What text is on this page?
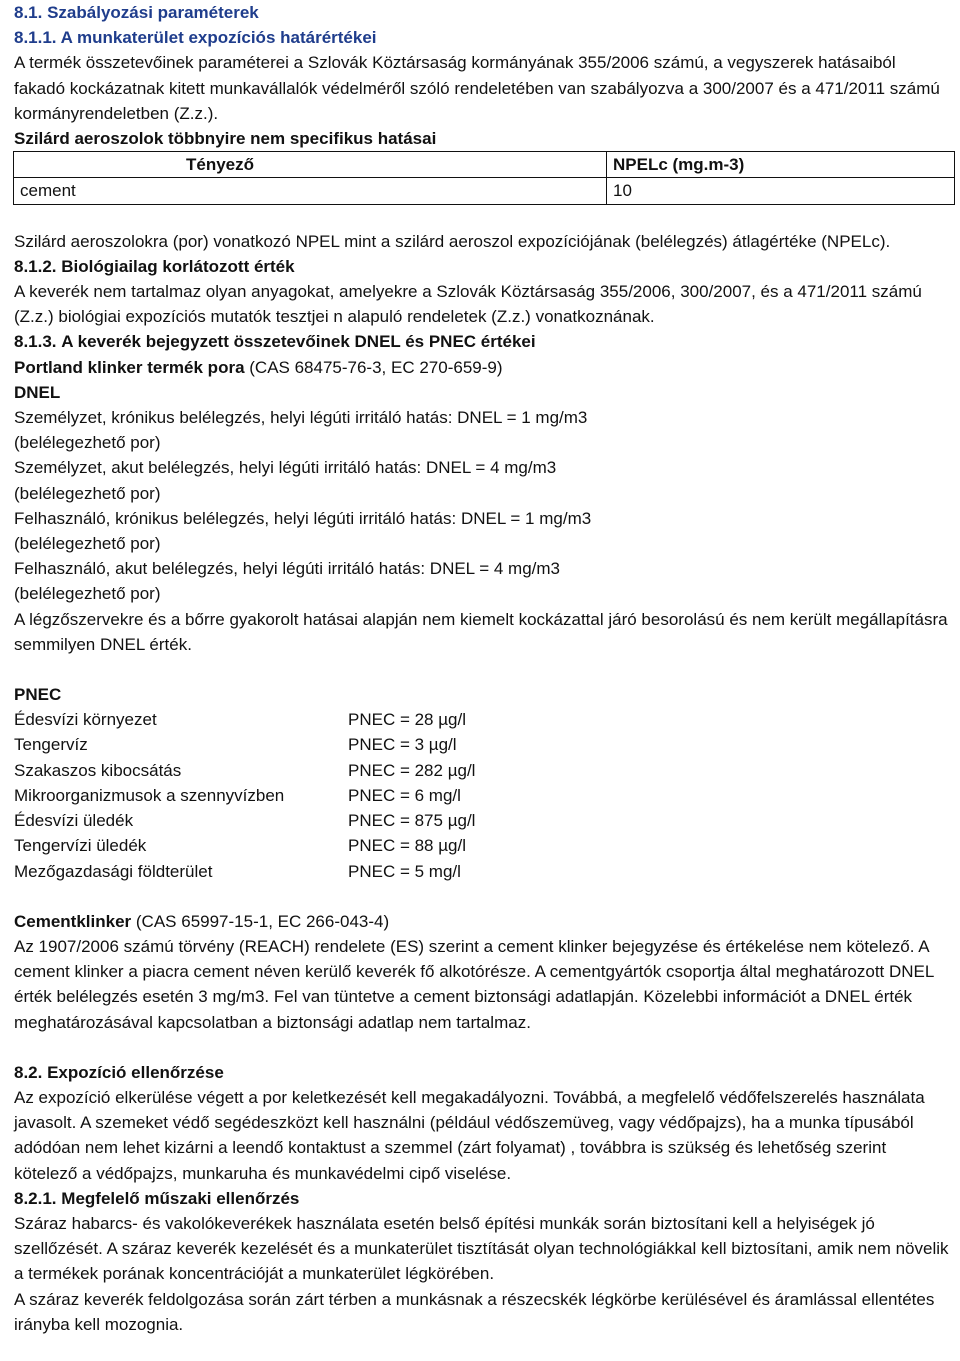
8.1. Szabályozási paraméterek
8.1.1. A munkaterület expozíciós határértékei
A termék összetevőinek paraméterei a Szlovák Köztársaság kormányának 355/2006 számú, a vegyszerek hatásaiból fakadó kockázatnak kitett munkavállalók védelméről szóló rendeletében van szabályozva a 300/2007 és a 471/2011 számú kormányrendeletben (Z.z.).
Szilárd aeroszolok többnyire nem specifikus hatásai
Tényező	NPELc (mg.m-3)
cement	10
Szilárd aeroszolokra (por) vonatkozó NPEL mint a szilárd aeroszol expozíciójának (belélegzés) átlagértéke (NPELc).
8.1.2. Biológiailag korlátozott érték
A keverék nem tartalmaz olyan anyagokat, amelyekre a Szlovák Köztársaság 355/2006, 300/2007, és a 471/2011 számú (Z.z.) biológiai expozíciós mutatók tesztjei n alapuló rendeletek (Z.z.) vonatkoznának.
8.1.3. A keverék bejegyzett összetevőinek DNEL és PNEC értékei
Portland klinker termék pora (CAS 68475-76-3, EC 270-659-9)
DNEL
Személyzet, krónikus belélegzés, helyi légúti irritáló hatás: DNEL = 1 mg/m3
(belélegezhető por)
Személyzet, akut belélegzés, helyi légúti irritáló hatás: DNEL = 4 mg/m3
(belélegezhető por)
Felhasználó, krónikus belélegzés, helyi légúti irritáló hatás: DNEL = 1 mg/m3
(belélegezhető por)
Felhasználó, akut belélegzés, helyi légúti irritáló hatás: DNEL = 4 mg/m3
(belélegezhető por)
A légzőszervekre és a bőrre gyakorolt hatásai alapján nem kiemelt kockázattal járó besorolású és nem került megállapításra semmilyen DNEL érték.
PNEC
Édesvízi környezet	PNEC = 28 µg/l
Tengervíz	PNEC = 3 µg/l
Szakaszos kibocsátás	PNEC = 282 µg/l
Mikroorganizmusok a szennyvízben	PNEC = 6 mg/l
Édesvízi üledék	PNEC = 875 µg/l
Tengervízi üledék	PNEC = 88 µg/l
Mezőgazdasági földterület	PNEC = 5 mg/l
Cementklinker (CAS 65997-15-1, EC 266-043-4)
Az 1907/2006 számú törvény (REACH) rendelete (ES) szerint a cement klinker bejegyzése és értékelése nem kötelező. A cement klinker a piacra cement néven kerülő keverék fő alkotórésze. A cementgyártók csoportja által meghatározott DNEL érték belélegzés esetén 3 mg/m3. Fel van tüntetve a cement biztonsági adatlapján. Közelebbi információt a DNEL érték meghatározásával kapcsolatban a biztonsági adatlap nem tartalmaz.
8.2. Expozíció ellenőrzése
Az expozíció elkerülése végett a por keletkezését kell megakadályozni. Továbbá, a megfelelő védőfelszerelés használata javasolt. A szemeket védő segédeszközt kell használni (például védőszemüveg, vagy védőpajzs), ha a munka típusából adódóan nem lehet kizárni a leendő kontaktust a szemmel (zárt folyamat) , továbbra is szükség és lehetőség szerint kötelező a védőpajzs, munkaruha és munkavédelmi cipő viselése.
8.2.1. Megfelelő műszaki ellenőrzés
Száraz habarcs- és vakolókeverékek használata esetén belső építési munkák során biztosítani kell a helyiségek jó szellőzését. A száraz keverék kezelését és a munkaterület tisztítását olyan technológiákkal kell biztosítani, amik nem növelik a termékek porának koncentrációját a munkaterület légkörében.
A száraz keverék feldolgozása során zárt térben a munkásnak a részecskék légkörbe kerülésével és áramlással ellentétes irányba kell mozognia.
